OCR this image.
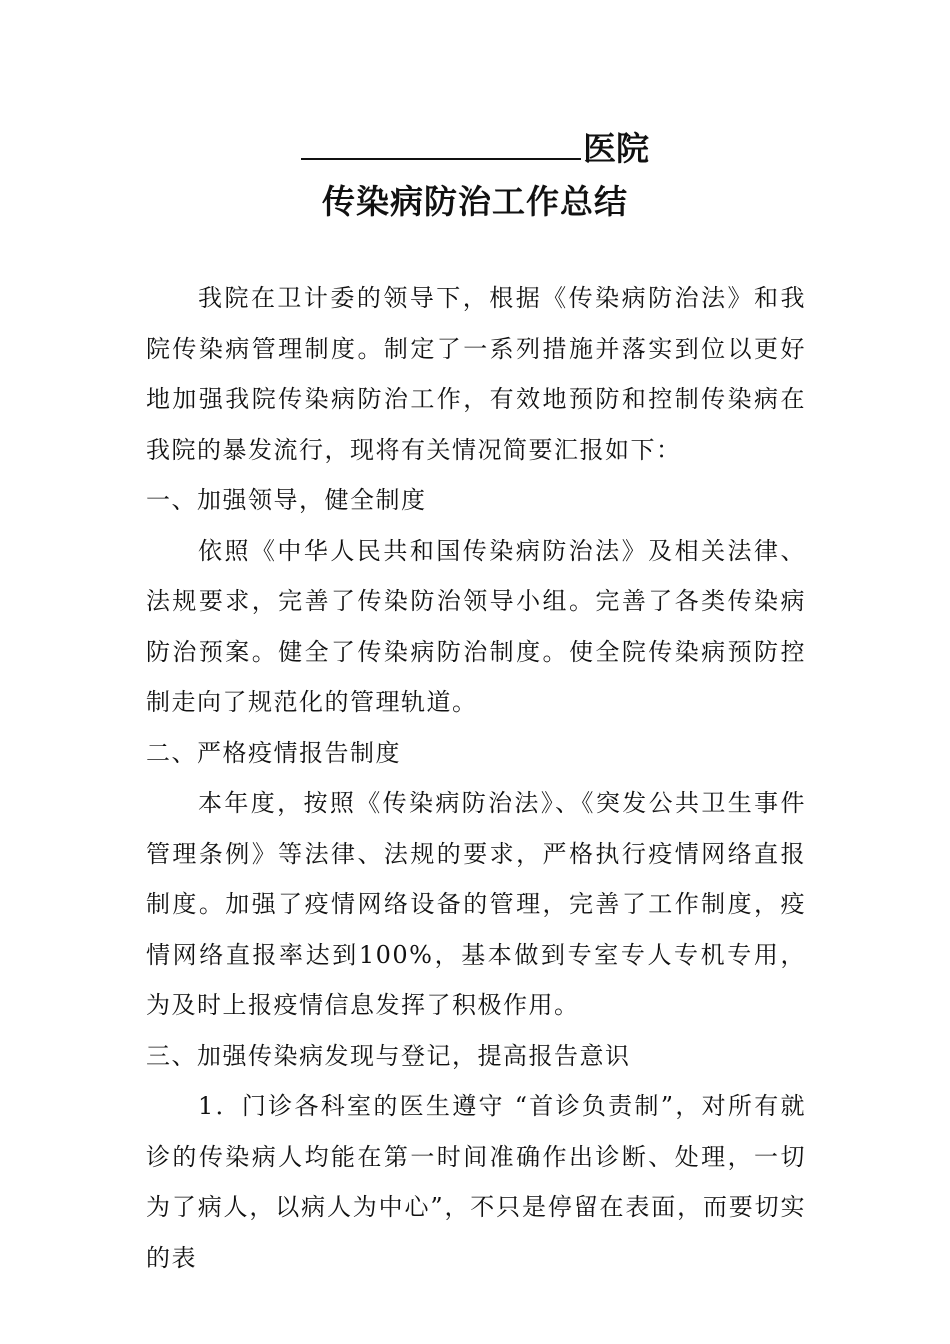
医院
传染病防治工作总结

我院在卫计委的领导下，根据《传染病防治法》和我院传染病管理制度。制定了一系列措施并落实到位以更好地加强我院传染病防治工作，有效地预防和控制传染病在我院的暴发流行，现将有关情况简要汇报如下：

一、加强领导，健全制度

依照《中华人民共和国传染病防治法》及相关法律、法规要求，完善了传染防治领导小组。完善了各类传染病防治预案。健全了传染病防治制度。使全院传染病预防控制走向了规范化的管理轨道。

二、严格疫情报告制度

本年度，按照《传染病防治法》、《突发公共卫生事件管理条例》等法律、法规的要求，严格执行疫情网络直报制度。加强了疫情网络设备的管理，完善了工作制度，疫情网络直报率达到100%，基本做到专室专人专机专用，为及时上报疫情信息发挥了积极作用。

三、加强传染病发现与登记，提高报告意识

1．门诊各科室的医生遵守 “首诊负责制”，对所有就诊的传染病人均能在第一时间准确作出诊断、处理，一切为了病人，以病人为中心”，不只是停留在表面，而要切实的表
